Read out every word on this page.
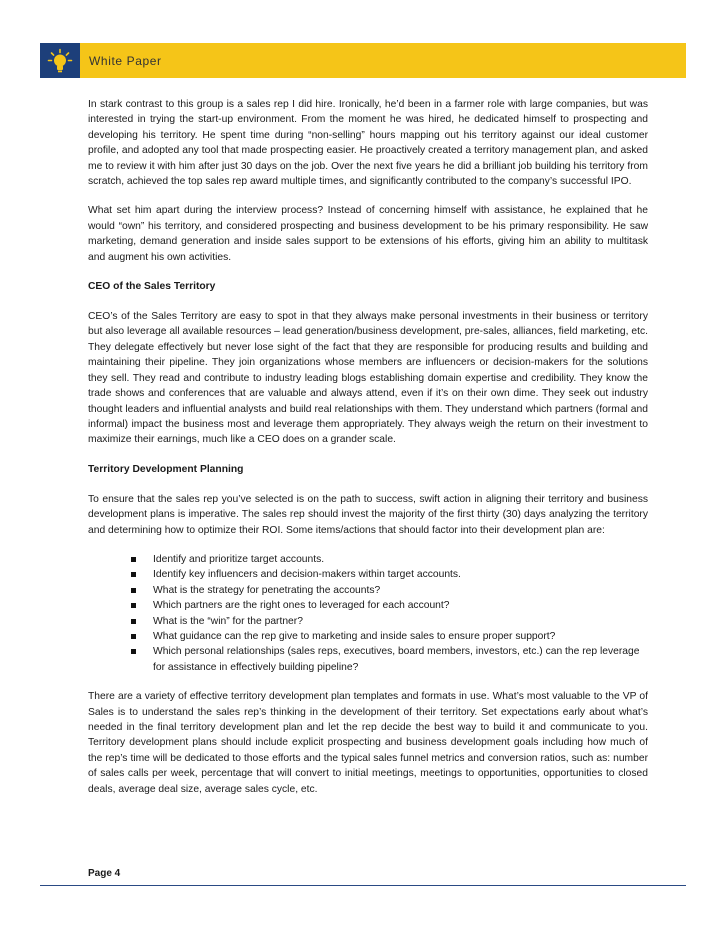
White Paper

In stark contrast to this group is a sales rep I did hire. Ironically, he’d been in a farmer role with large companies, but was interested in trying the start-up environment. From the moment he was hired, he dedicated himself to prospecting and developing his territory. He spent time during “non-selling” hours mapping out his territory against our ideal customer profile, and adopted any tool that made prospecting easier. He proactively created a territory management plan, and asked me to review it with him after just 30 days on the job. Over the next five years he did a brilliant job building his territory from scratch, achieved the top sales rep award multiple times, and significantly contributed to the company’s successful IPO.

What set him apart during the interview process? Instead of concerning himself with assistance, he explained that he would “own” his territory, and considered prospecting and business development to be his primary responsibility. He saw marketing, demand generation and inside sales support to be extensions of his efforts, giving him an ability to multitask and augment his own activities.

CEO of the Sales Territory

CEO’s of the Sales Territory are easy to spot in that they always make personal investments in their business or territory but also leverage all available resources – lead generation/business development, pre-sales, alliances, field marketing, etc. They delegate effectively but never lose sight of the fact that they are responsible for producing results and building and maintaining their pipeline. They join organizations whose members are influencers or decision-makers for the solutions they sell. They read and contribute to industry leading blogs establishing domain expertise and credibility. They know the trade shows and conferences that are valuable and always attend, even if it’s on their own dime. They seek out industry thought leaders and influential analysts and build real relationships with them. They understand which partners (formal and informal) impact the business most and leverage them appropriately. They always weigh the return on their investment to maximize their earnings, much like a CEO does on a grander scale.

Territory Development Planning

To ensure that the sales rep you’ve selected is on the path to success, swift action in aligning their territory and business development plans is imperative. The sales rep should invest the majority of the first thirty (30) days analyzing the territory and determining how to optimize their ROI. Some items/actions that should factor into their development plan are:

Identify and prioritize target accounts.
Identify key influencers and decision-makers within target accounts.
What is the strategy for penetrating the accounts?
Which partners are the right ones to leveraged for each account?
What is the “win” for the partner?
What guidance can the rep give to marketing and inside sales to ensure proper support?
Which personal relationships (sales reps, executives, board members, investors, etc.) can the rep leverage for assistance in effectively building pipeline?

There are a variety of effective territory development plan templates and formats in use. What’s most valuable to the VP of Sales is to understand the sales rep’s thinking in the development of their territory. Set expectations early about what’s needed in the final territory development plan and let the rep decide the best way to build it and communicate to you. Territory development plans should include explicit prospecting and business development goals including how much of the rep’s time will be dedicated to those efforts and the typical sales funnel metrics and conversion ratios, such as: number of sales calls per week, percentage that will convert to initial meetings, meetings to opportunities, opportunities to closed deals, average deal size, average sales cycle, etc.

Page 4
